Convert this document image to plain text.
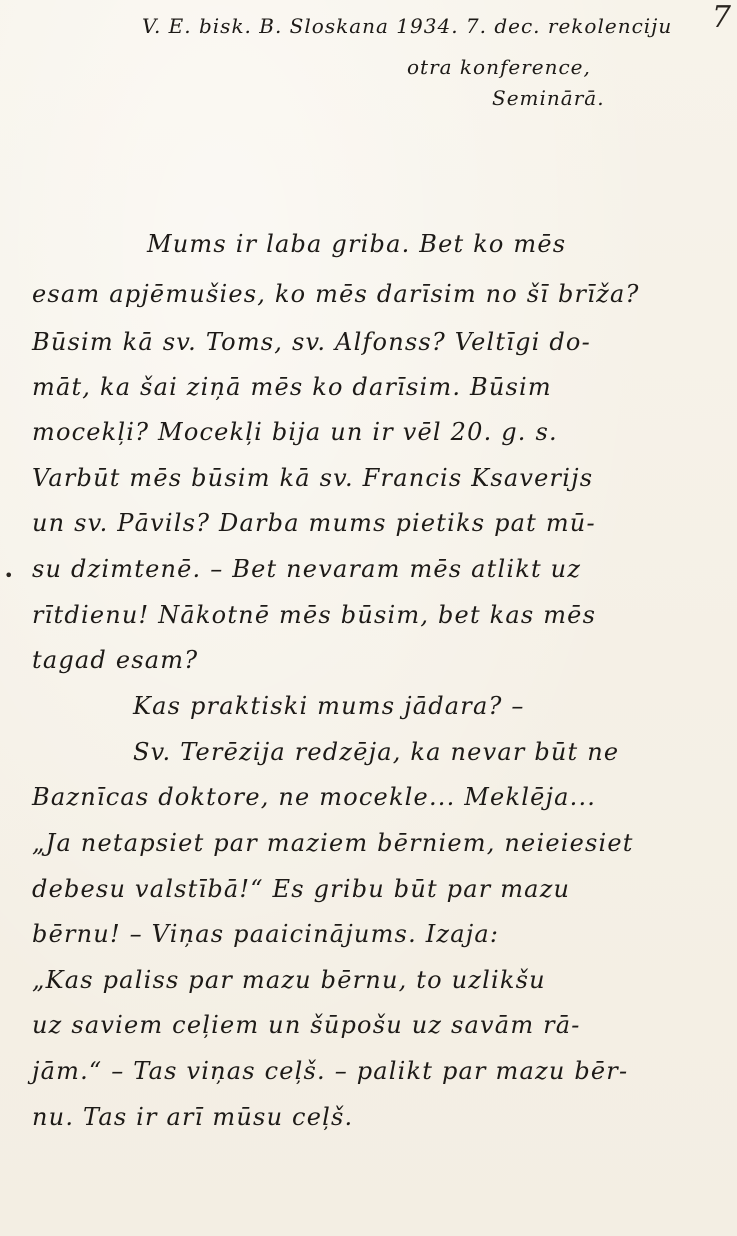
7
V. E. bisk. B. Sloskana 1934. 7. dec. rekolenciju
otra konference,
Seminārā.
•
Mums ir laba griba. Bet ko mēs
esam apjēmušies, ko mēs darīsim no šī brīža?
Būsim kā sv. Toms, sv. Alfonss? Veltīgi do-
māt, ka šai ziņā mēs ko darīsim. Būsim
mocekļi? Mocekļi bija un ir vēl 20. g. s.
Varbūt mēs būsim kā sv. Francis Ksaverijs
un sv. Pāvils? Darba mums pietiks pat mū-
su dzimtenē. – Bet nevaram mēs atlikt uz
rītdienu! Nākotnē mēs būsim, bet kas mēs
tagad esam?
Kas praktiski mums jādara? –
Sv. Terēzija redzēja, ka nevar būt ne
Baznīcas doktore, ne mocekle... Meklēja...
„Ja netapsiet par maziem bērniem, neieiesiet
debesu valstībā!“ Es gribu būt par mazu
bērnu! – Viņas paaicinājums. Izaja:
„Kas paliss par mazu bērnu, to uzlikšu
uz saviem ceļiem un šūpošu uz savām rā-
jām.“ – Tas viņas ceļš. – palikt par mazu bēr-
nu. Tas ir arī mūsu ceļš.
